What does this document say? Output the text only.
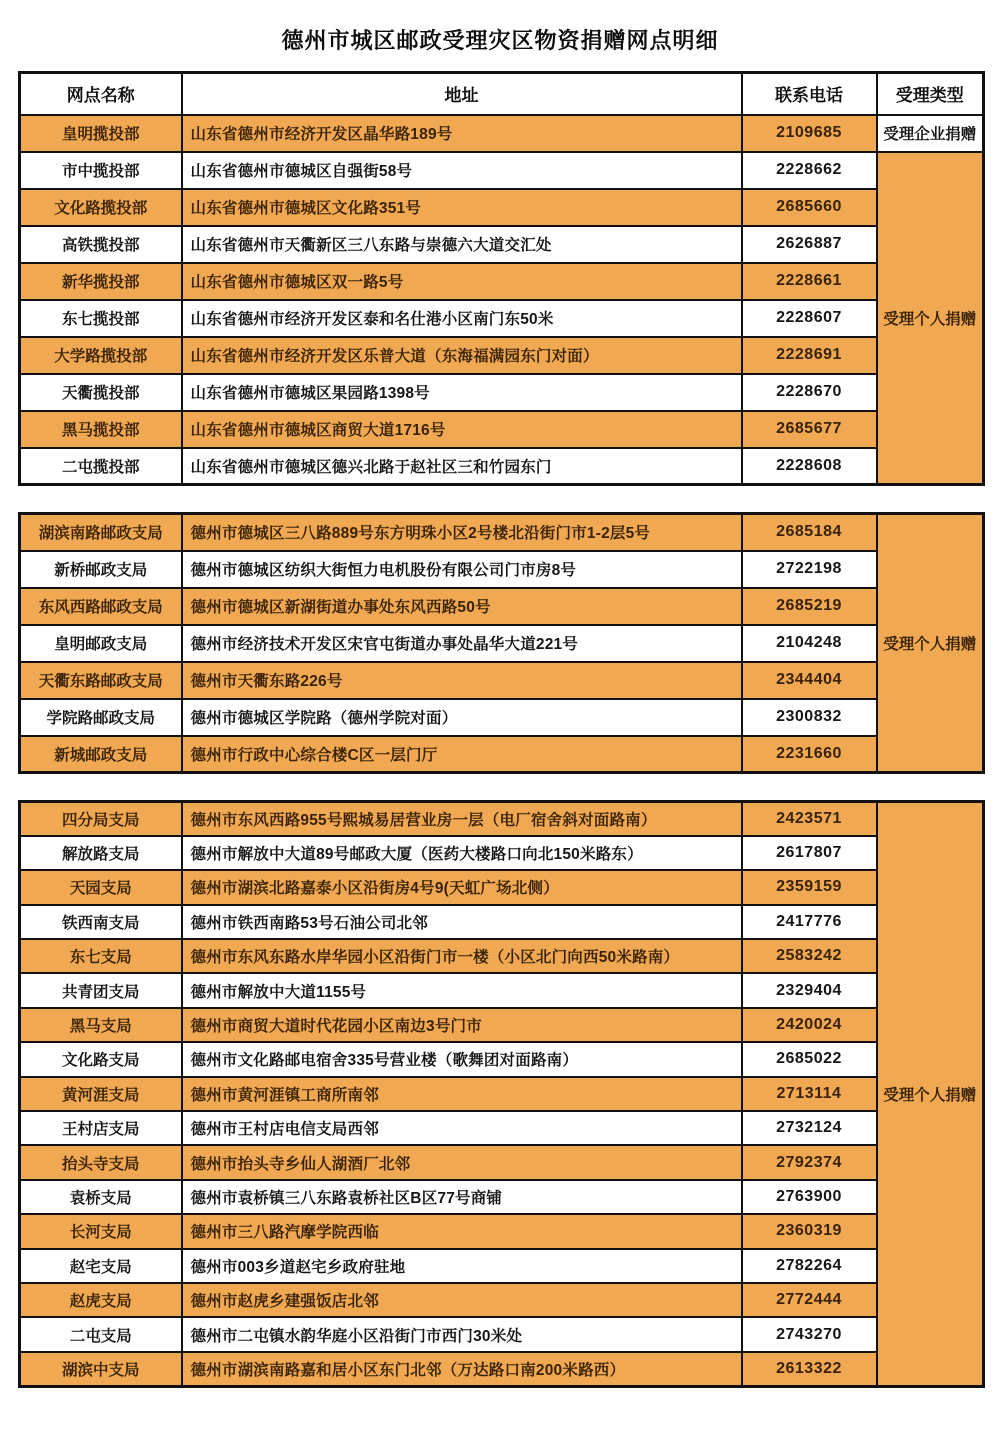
德州市城区邮政受理灾区物资捐赠网点明细
网点名称	地址	联系电话	受理类型
皇明揽投部	山东省德州市经济开发区晶华路189号	2109685	受理企业捐赠
市中揽投部	山东省德州市德城区自强街58号	2228662	受理个人捐赠
文化路揽投部	山东省德州市德城区文化路351号	2685660	
高铁揽投部	山东省德州市天衢新区三八东路与崇德六大道交汇处	2626887	
新华揽投部	山东省德州市德城区双一路5号	2228661	
东七揽投部	山东省德州市经济开发区泰和名仕港小区南门东50米	2228607	
大学路揽投部	山东省德州市经济开发区乐普大道（东海福满园东门对面）	2228691	
天衢揽投部	山东省德州市德城区果园路1398号	2228670	
黑马揽投部	山东省德州市德城区商贸大道1716号	2685677	
二屯揽投部	山东省德州市德城区德兴北路于赵社区三和竹园东门	2228608	
湖滨南路邮政支局	德州市德城区三八路889号东方明珠小区2号楼北沿街门市1-2层5号	2685184	受理个人捐赠
新桥邮政支局	德州市德城区纺织大街恒力电机股份有限公司门市房8号	2722198	
东风西路邮政支局	德州市德城区新湖街道办事处东风西路50号	2685219	
皇明邮政支局	德州市经济技术开发区宋官屯街道办事处晶华大道221号	2104248	
天衢东路邮政支局	德州市天衢东路226号	2344404	
学院路邮政支局	德州市德城区学院路（德州学院对面）	2300832	
新城邮政支局	德州市行政中心综合楼C区一层门厅	2231660	
四分局支局	德州市东风西路955号熙城易居营业房一层（电厂宿舍斜对面路南）	2423571	受理个人捐赠
解放路支局	德州市解放中大道89号邮政大厦（医药大楼路口向北150米路东）	2617807	
天园支局	德州市湖滨北路嘉泰小区沿街房4号9(天虹广场北侧）	2359159	
铁西南支局	德州市铁西南路53号石油公司北邻	2417776	
东七支局	德州市东风东路水岸华园小区沿街门市一楼（小区北门向西50米路南）	2583242	
共青团支局	德州市解放中大道1155号	2329404	
黑马支局	德州市商贸大道时代花园小区南边3号门市	2420024	
文化路支局	德州市文化路邮电宿舍335号营业楼（歌舞团对面路南）	2685022	
黄河涯支局	德州市黄河涯镇工商所南邻	2713114	
王村店支局	德州市王村店电信支局西邻	2732124	
抬头寺支局	德州市抬头寺乡仙人湖酒厂北邻	2792374	
袁桥支局	德州市袁桥镇三八东路袁桥社区B区77号商铺	2763900	
长河支局	德州市三八路汽摩学院西临	2360319	
赵宅支局	德州市003乡道赵宅乡政府驻地	2782264	
赵虎支局	德州市赵虎乡建强饭店北邻	2772444	
二屯支局	德州市二屯镇水韵华庭小区沿街门市西门30米处	2743270	
湖滨中支局	德州市湖滨南路嘉和居小区东门北邻（万达路口南200米路西）	2613322	
